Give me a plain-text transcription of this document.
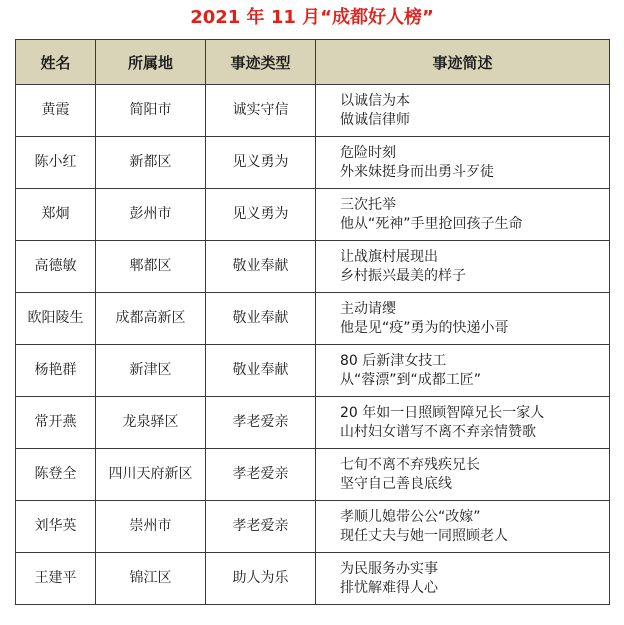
2021 年 11 月“成都好人榜”
姓名	所属地	事迹类型	事迹简述
黄霞	简阳市	诚实守信	以诚信为本
做诚信律师

陈小红	新都区	见义勇为	危险时刻
外来妹挺身而出勇斗歹徒

郑炯	彭州市	见义勇为	三次托举
他从“死神”手里抢回孩子生命

高德敏	郫都区	敬业奉献	让战旗村展现出
乡村振兴最美的样子

欧阳陵生	成都高新区	敬业奉献	主动请缨
他是见“疫”勇为的快递小哥

杨艳群	新津区	敬业奉献	80 后新津女技工
从“蓉漂”到“成都工匠”

常开燕	龙泉驿区	孝老爱亲	20 年如一日照顾智障兄长一家人
山村妇女谱写不离不弃亲情赞歌

陈登全	四川天府新区	孝老爱亲	七旬不离不弃残疾兄长
坚守自己善良底线

刘华英	崇州市	孝老爱亲	孝顺儿媳带公公“改嫁”
现任丈夫与她一同照顾老人

王建平	锦江区	助人为乐	为民服务办实事
排忧解难得人心
